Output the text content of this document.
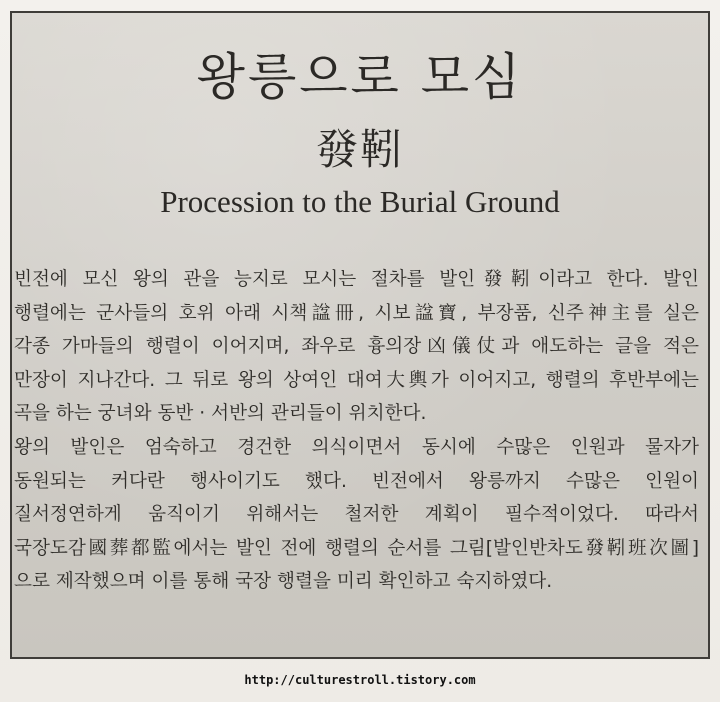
왕릉으로 모심
發靷
Procession to the Burial Ground
빈전에 모신 왕의 관을 능지로 모시는 절차를 발인發靷이라고 한다. 발인
행렬에는 군사들의 호위 아래 시책諡冊, 시보諡寶, 부장품, 신주神主를 실은
각종 가마들의 행렬이 이어지며, 좌우로 흉의장凶儀仗과 애도하는 글을 적은
만장이 지나간다. 그 뒤로 왕의 상여인 대여大輿가 이어지고, 행렬의 후반부에는
곡을 하는 궁녀와 동반 · 서반의 관리들이 위치한다.
왕의 발인은 엄숙하고 경건한 의식이면서 동시에 수많은 인원과 물자가
동원되는 커다란 행사이기도 했다. 빈전에서 왕릉까지 수많은 인원이
질서정연하게 움직이기 위해서는 철저한 계획이 필수적이었다. 따라서
국장도감國葬都監에서는 발인 전에 행렬의 순서를 그림[발인반차도發靷班次圖]
으로 제작했으며 이를 통해 국장 행렬을 미리 확인하고 숙지하였다.
http://culturestroll.tistory.com
